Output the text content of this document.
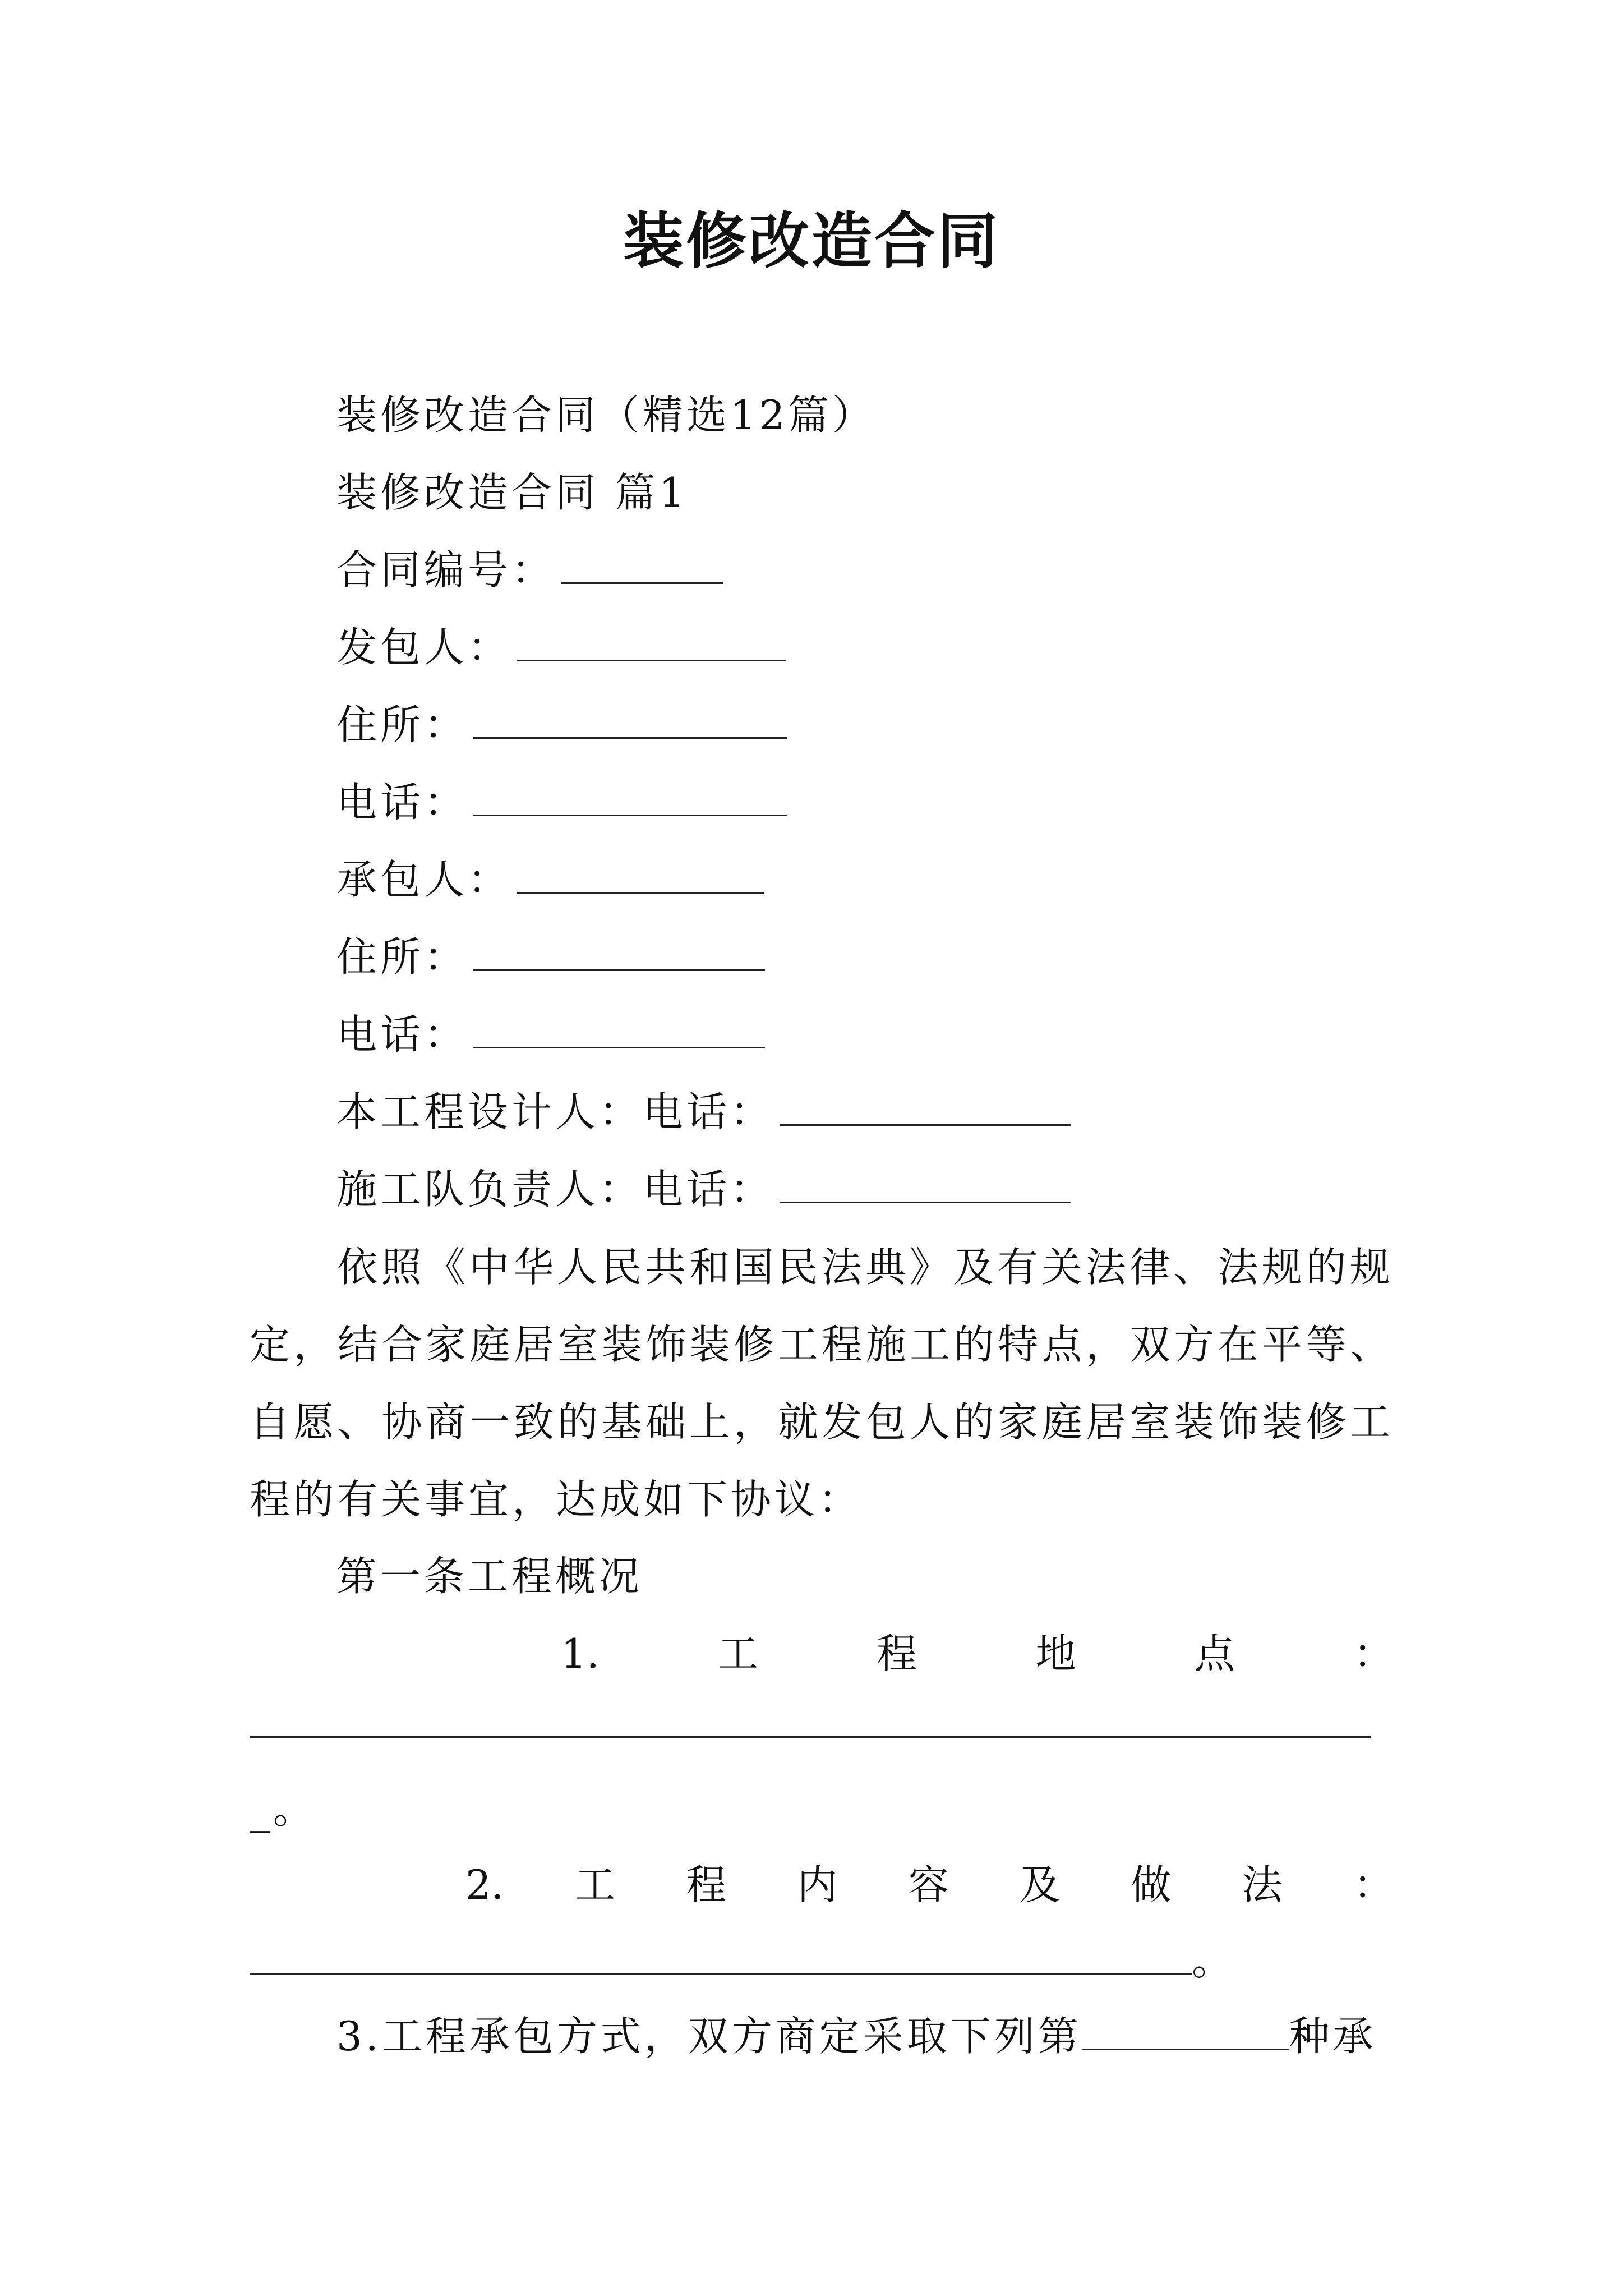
装修改造合同
装修改造合同（精选12篇）
装修改造合同 篇1
合同编号：
发包人：
住所：
电话：
承包人：
住所：
电话：
本工程设计人：电话：
施工队负责人：电话：
依照《中华人民共和国民法典》及有关法律、法规的规定，结合家庭居室装饰装修工程施工的特点，双方在平等、自愿、协商一致的基础上，就发包人的家庭居室装饰装修工程的有关事宜，达成如下协议：
第一条工程概况
1.	工	程	地	点	：
_。
2. 工 程 内 容 及 做 法 ：
。
3.工程承包方式，双方商定采取下列第	种承
